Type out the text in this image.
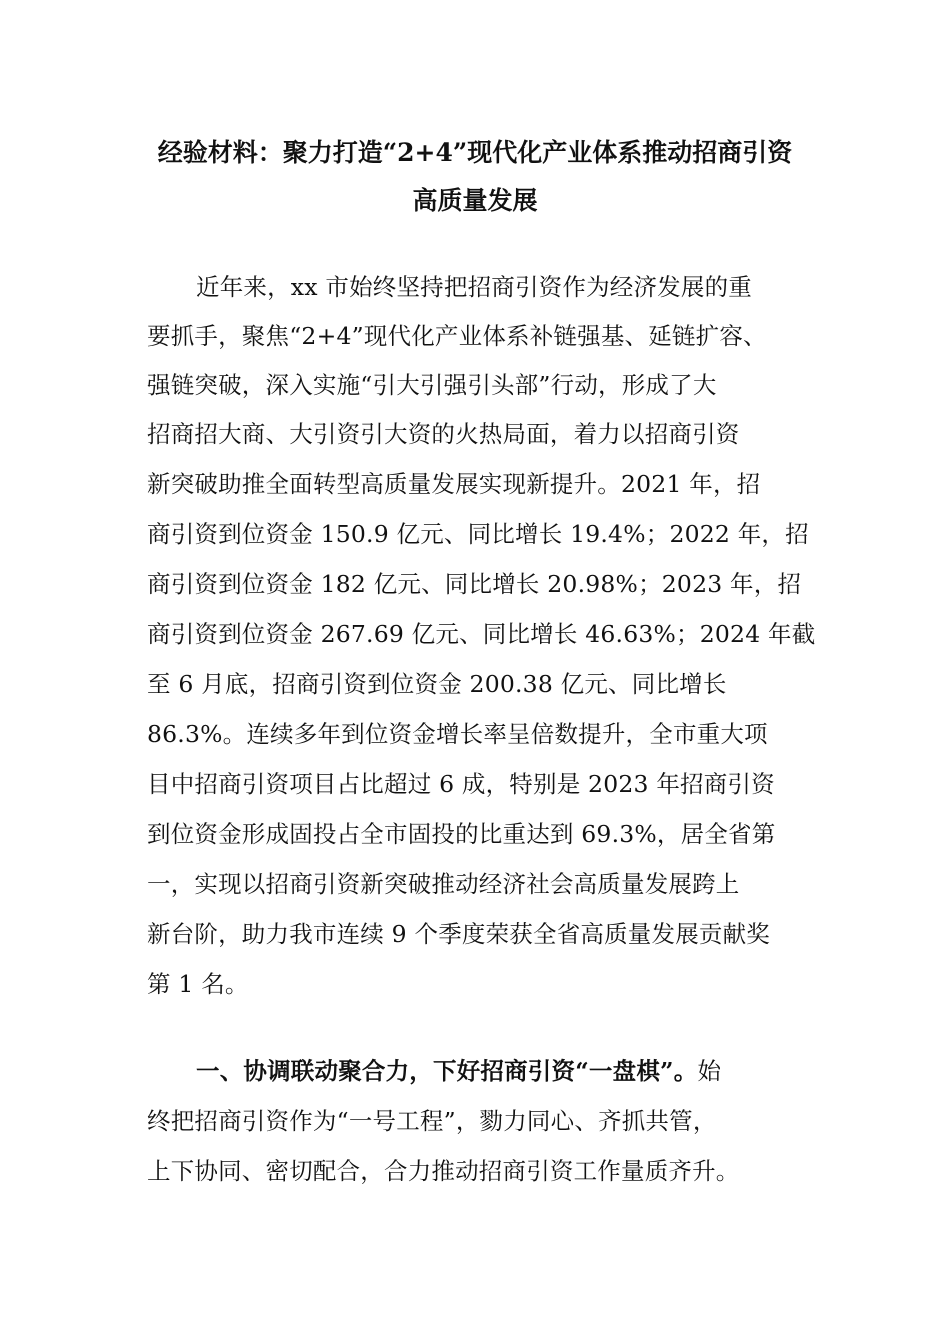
经验材料：聚力打造“2+4”现代化产业体系推动招商引资
高质量发展
近年来，xx 市始终坚持把招商引资作为经济发展的重
要抓手，聚焦“2+4”现代化产业体系补链强基、延链扩容、
强链突破，深入实施“引大引强引头部”行动，形成了大
招商招大商、大引资引大资的火热局面，着力以招商引资
新突破助推全面转型高质量发展实现新提升。2021 年，招
商引资到位资金 150.9 亿元、同比增长 19.4%；2022 年，招
商引资到位资金 182 亿元、同比增长 20.98%；2023 年，招
商引资到位资金 267.69 亿元、同比增长 46.63%；2024 年截
至 6 月底，招商引资到位资金 200.38 亿元、同比增长
86.3%。连续多年到位资金增长率呈倍数提升，全市重大项
目中招商引资项目占比超过 6 成，特别是 2023 年招商引资
到位资金形成固投占全市固投的比重达到 69.3%，居全省第
一，实现以招商引资新突破推动经济社会高质量发展跨上
新台阶，助力我市连续 9 个季度荣获全省高质量发展贡献奖
第 1 名。
一、协调联动聚合力，下好招商引资“一盘棋”。始
终把招商引资作为“一号工程”，勠力同心、齐抓共管，
上下协同、密切配合，合力推动招商引资工作量质齐升。
